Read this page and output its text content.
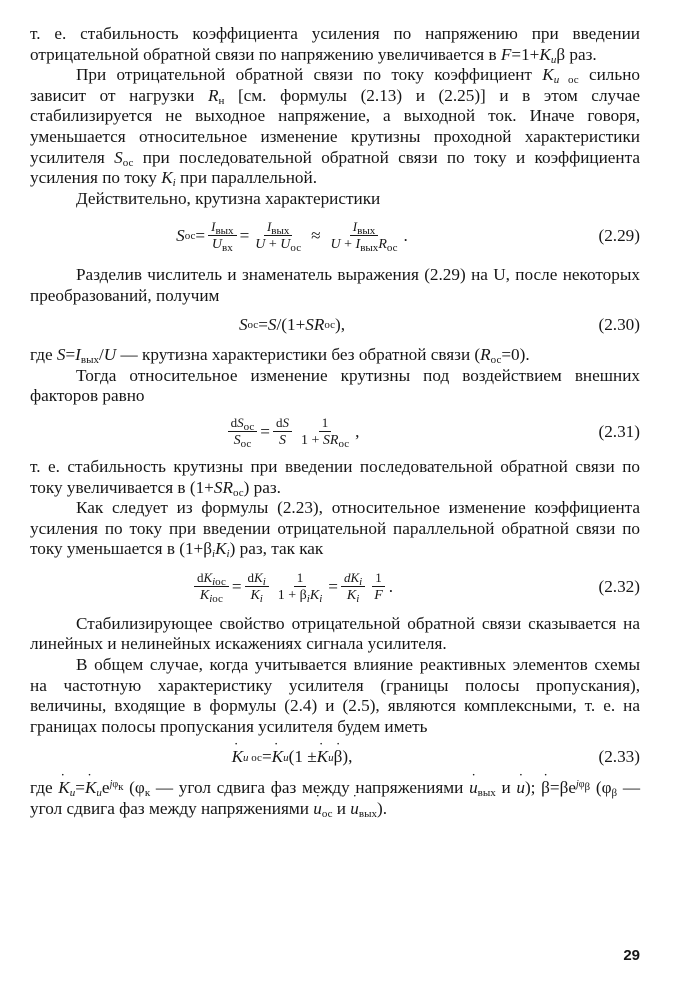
т. е. стабильность коэффициента усиления по напряжению при введении отрицательной обратной связи по напряжению увеличивается в $F=1+K_u\beta$ раз.

При отрицательной обратной связи по току коэффициент $K_{u ос}$ сильно зависит от нагрузки $R_н$ [см. формулы (2.13) и (2.25)] и в этом случае стабилизируется не выходное напряжение, а выходной ток. Иначе говоря, уменьшается относительное изменение крутизны проходной характеристики усилителя $S_{ос}$ при последовательной обратной связи по току и коэффициента усиления по току $K_i$ при параллельной.

Действительно, крутизна характеристики

S ос = $\frac{I_{вых}}{U_{вх}} = \frac{I_{вых}}{U + U_{ос}} \approx \frac{I_{вых}}{U + I_{вых}R_{ос}}$ .	(2.29)

Разделив числитель и знаменатель выражения (2.29) на U, после некоторых преобразований, получим

S ос = S /(1+ SR ос ),	(2.30)

где $S=I_{вых}/U$ — крутизна характеристики без обратной связи $(R_{ос}=0)$.

Тогда относительное изменение крутизны под воздействием внешних факторов равно

$\frac{dS_{ос}}{S_{ос}} = \frac{dS}{S} \frac{1}{1 + SR_{ос}}$ ,	(2.31)

т. е. стабильность крутизны при введении последовательной обратной связи по току увеличивается в $(1+SR_{ос})$ раз.

Как следует из формулы (2.23), относительное изменение коэффициента усиления по току при введении отрицательной параллельной обратной связи по току уменьшается в $(1+\beta_iK_i)$ раз, так как

$\frac{dK_{iос}}{K_{iос}} = \frac{dK_i}{K_i} \frac{1}{1 + \beta_iK_i} = \frac{dK_i}{K_i} \frac{1}{F}$ .	(2.32)

Стабилизирующее свойство отрицательной обратной связи сказывается на линейных и нелинейных искажениях сигнала усилителя.

В общем случае, когда учитывается влияние реактивных элементов схемы на частотную характеристику усилителя (границы полосы пропускания), величины, входящие в формулы (2.4) и (2.5), являются комплексными, т. е. на границах полосы пропускания усилителя будем иметь

˙ K u ос = ˙ K u (1 ± ˙ K u ˙ β ),	(2.33)

где ˙ $K_u=˙$ $K_ue^{j\varphi_к}$ ($\varphi_к$ — угол сдвига фаз между напряжениями ˙ $u_{вых}$ и ˙ u); ˙ $\beta=\beta e^{j\varphi_\beta}$ ($\varphi_\beta$ — угол сдвига фаз между напряжениями ˙ $u_{ос}$ и ˙ $u_{вых}$).

29
